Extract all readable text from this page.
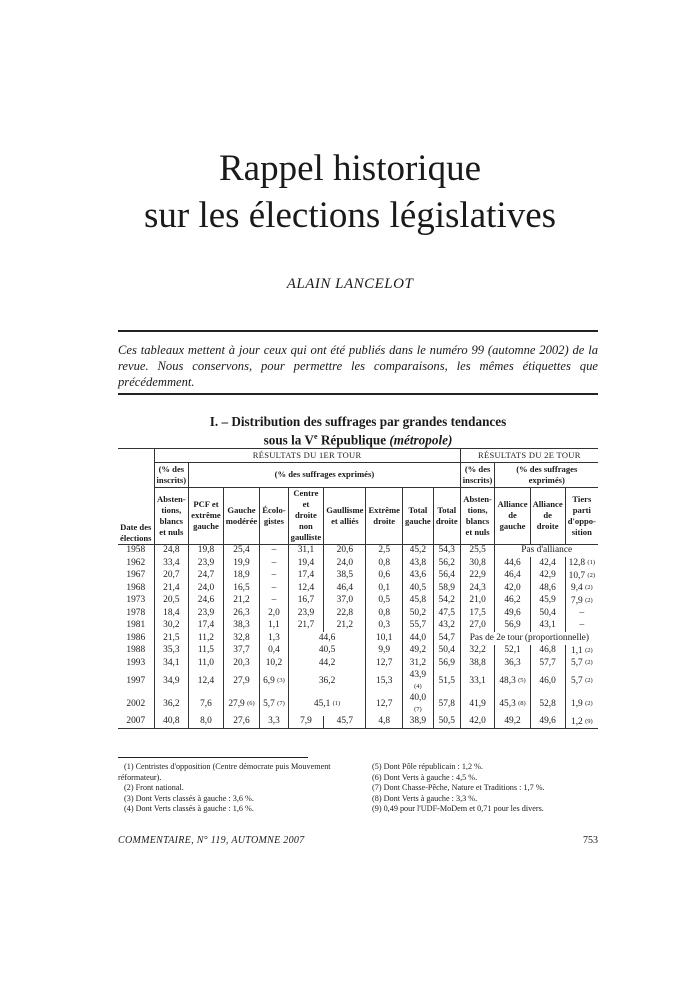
Rappel historique
sur les élections législatives
ALAIN LANCELOT
Ces tableaux mettent à jour ceux qui ont été publiés dans le numéro 99 (automne 2002) de la revue. Nous conservons, pour permettre les comparaisons, les mêmes étiquettes que précédemment.
I. – Distribution des suffrages par grandes tendances
sous la Ve République (métropole)
Date des élections	RÉSULTATS DU 1ER TOUR									RÉSULTATS DU 2E TOUR			
	(% des inscrits)	(% des suffrages exprimés)								(% des inscrits)	(% des suffrages exprimés)		
	Absten-tions, blancs et nuls	PCF et extrême gauche	Gauche modérée	Écolo-gistes	Centre et droite non gaulliste	Gaullisme et alliés	Extrême droite	Total gauche	Total droite	Absten-tions, blancs et nuls	Alliance de gauche	Alliance de droite	Tiers parti d'oppo-sition
1958	24,8	19,8	25,4	–	31,1	20,6	2,5	45,2	54,3	25,5	Pas d'alliance		
1962	33,4	23,9	19,9	–	19,4	24,0	0,8	43,8	56,2	30,8	44,6	42,4	12,8 (1)
1967	20,7	24,7	18,9	–	17,4	38,5	0,6	43,6	56,4	22,9	46,4	42,9	10,7 (2)
1968	21,4	24,0	16,5	–	12,4	46,4	0,1	40,5	58,9	24,3	42,0	48,6	9,4 (2)
1973	20,5	24,6	21,2	–	16,7	37,0	0,5	45,8	54,2	21,0	46,2	45,9	7,9 (2)
1978	18,4	23,9	26,3	2,0	23,9	22,8	0,8	50,2	47,5	17,5	49,6	50,4	–
1981	30,2	17,4	38,3	1,1	21,7	21,2	0,3	55,7	43,2	27,0	56,9	43,1	–
1986	21,5	11,2	32,8	1,3	44,6		10,1	44,0	54,7	Pas de 2e tour (proportionnelle)			
1988	35,3	11,5	37,7	0,4	40,5		9,9	49,2	50,4	32,2	52,1	46,8	1,1 (2)
1993	34,1	11,0	20,3	10,2	44,2		12,7	31,2	56,9	38,8	36,3	57,7	5,7 (2)
1997	34,9	12,4	27,9	6,9 (3)	36,2		15,3	43,9 (4)	51,5	33,1	48,3 (5)	46,0	5,7 (2)
2002	36,2	7,6	27,9 (6)	5,7 (7)	45,1 (1)		12,7	40,0 (7)	57,8	41,9	45,3 (8)	52,8	1,9 (2)
2007	40,8	8,0	27,6	3,3	7,9	45,7	4,8	38,9	50,5	42,0	49,2	49,6	1,2 (9)
(1) Centristes d'opposition (Centre démocrate puis Mouvement
réformateur).
(2) Front national.
(3) Dont Verts classés à gauche : 3,6 %.
(4) Dont Verts classés à gauche : 1,6 %.
(5) Dont Pôle républicain : 1,2 %.
(6) Dont Verts à gauche : 4,5 %.
(7) Dont Chasse-Pêche, Nature et Traditions : 1,7 %.
(8) Dont Verts à gauche : 3,3 %.
(9) 0,49 pour l'UDF-MoDem et 0,71 pour les divers.
COMMENTAIRE, N° 119, AUTOMNE 2007	753
